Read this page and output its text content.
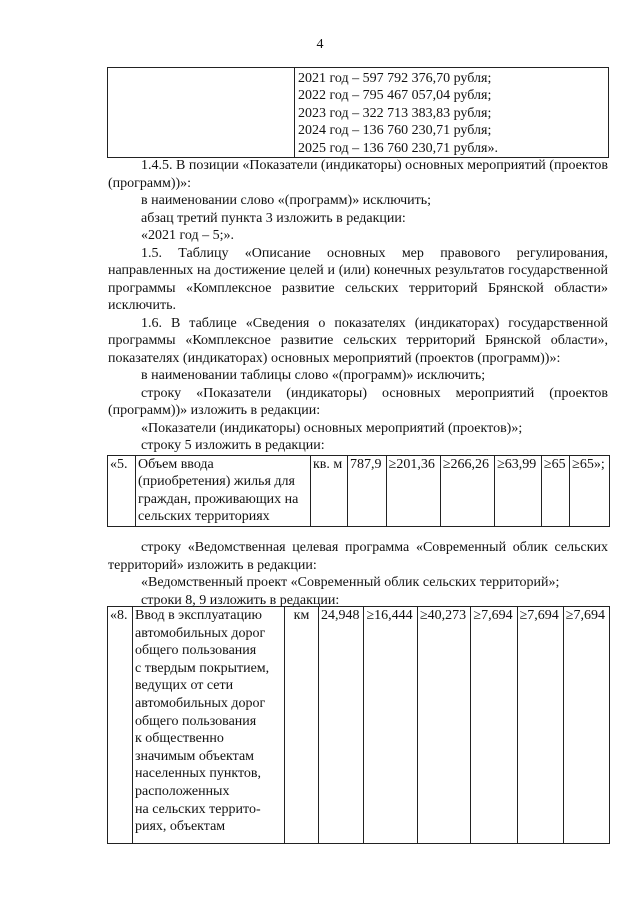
4

2021 год – 597 792 376,70 рубля;
2022 год – 795 467 057,04 рубля;
2023 год – 322 713 383,83 рубля;
2024 год – 136 760 230,71 рубля;
2025 год – 136 760 230,71 рубля».

1.4.5. В позиции «Показатели (индикаторы) основных мероприятий (проектов (программ))»:

в наименовании слово «(программ)» исключить;

абзац третий пункта 3 изложить в редакции:

«2021 год – 5;».

1.5. Таблицу «Описание основных мер правового регулирования, направленных на достижение целей и (или) конечных результатов государственной программы «Комплексное развитие сельских территорий Брянской области» исключить.

1.6. В таблице «Сведения о показателях (индикаторах) государственной программы «Комплексное развитие сельских территорий Брянской области», показателях (индикаторах) основных мероприятий (проектов (программ))»:

в наименовании таблицы слово «(программ)» исключить;

строку «Показатели (индикаторы) основных мероприятий (проектов (программ))» изложить в редакции:

«Показатели (индикаторы) основных мероприятий (проектов)»;

строку 5 изложить в редакции:

«5.	Объем ввода (приобретения) жилья для граждан, проживающих на сельских территориях	кв. м	787,9	≥201,36	≥266,26	≥63,99	≥65	≥65»;

строку «Ведомственная целевая программа «Современный облик сельских территорий» изложить в редакции:

«Ведомственный проект «Современный облик сельских территорий»;

строки 8, 9 изложить в редакции:

«8.	Ввод в эксплуатацию
автомобильных дорог
общего пользования
с твердым покрытием,
ведущих от сети
автомобильных дорог
общего пользования
к общественно
значимым объектам
населенных пунктов,
расположенных
на сельских террито-
риях, объектам	км	24,948	≥16,444	≥40,273	≥7,694	≥7,694	≥7,694
